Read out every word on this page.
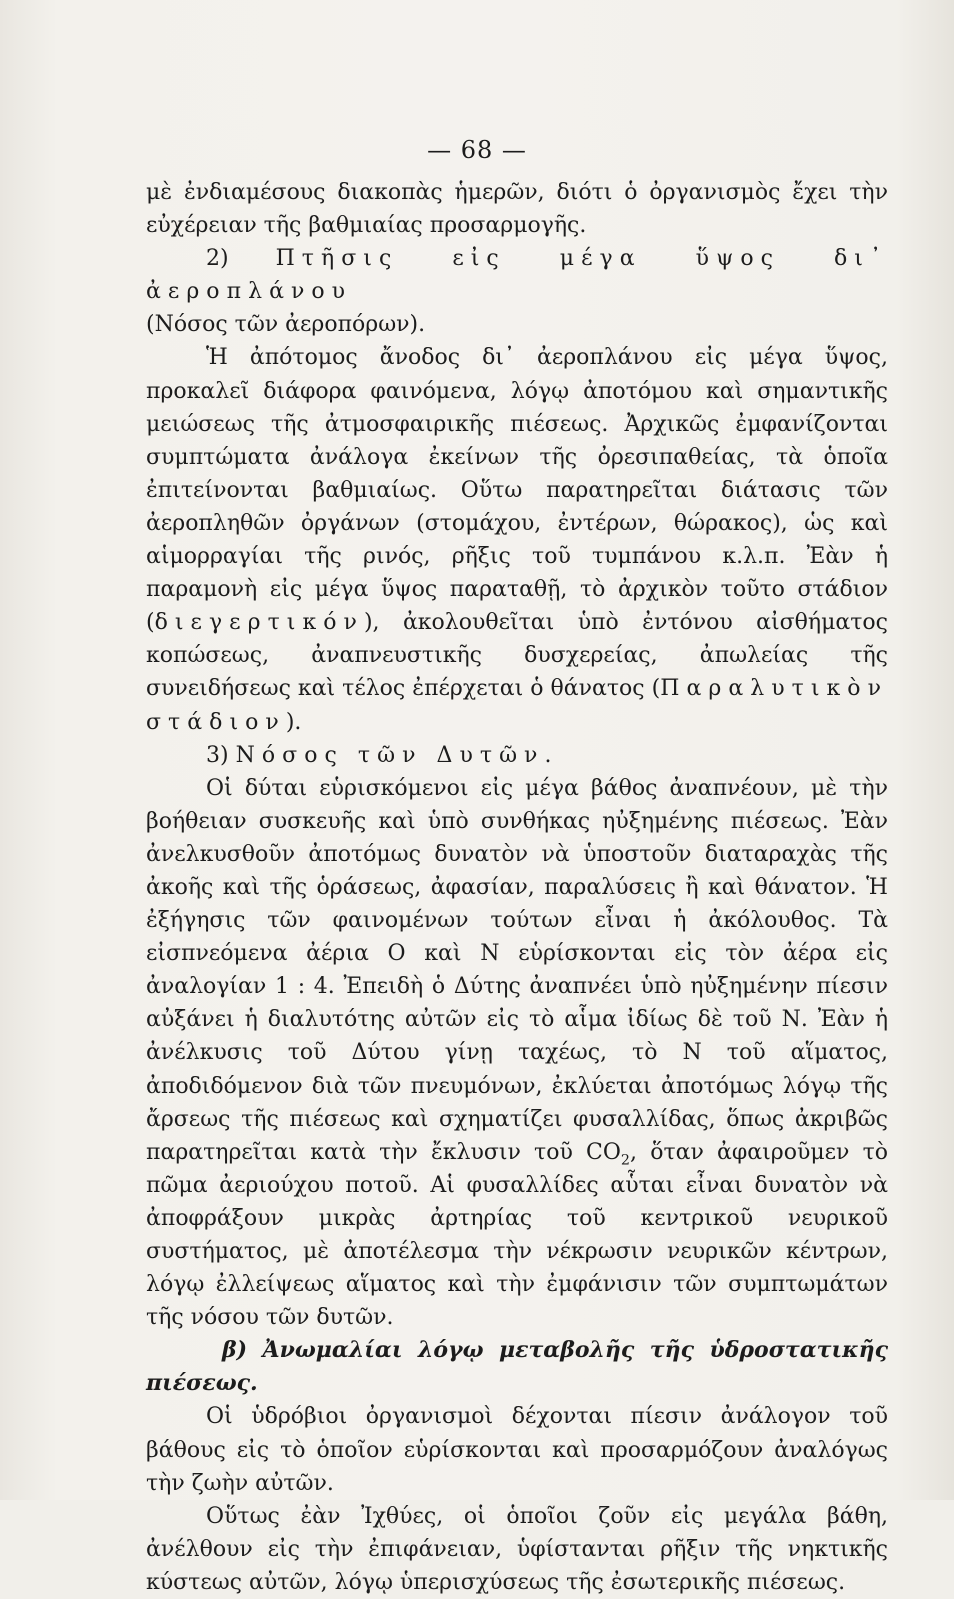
— 68 —

μὲ ἐνδιαμέσους διακοπὰς ἡμερῶν, διότι ὁ ὀργανισμὸς ἔχει τὴν εὐχέρειαν τῆς βαθμιαίας προσαρμογῆς.

2) Πτῆσις εἰς μέγα ὕψος δι᾽ ἀεροπλάνου

(Νόσος τῶν ἀεροπόρων).

Ἡ ἀπότομος ἄνοδος δι᾽ ἀεροπλάνου εἰς μέγα ὕψος, προκαλεῖ διάφορα φαινόμενα, λόγῳ ἀποτόμου καὶ σημαντικῆς μειώσεως τῆς ἀτμοσφαιρικῆς πιέσεως. Ἀρχικῶς ἐμφανίζονται συμπτώματα ἀνάλογα ἐκείνων τῆς ὀρεσιπαθείας, τὰ ὁποῖα ἐπιτείνονται βαθμιαίως. Οὕτω παρατηρεῖται διάτασις τῶν ἀεροπληθῶν ὀργάνων (στομάχου, ἐντέρων, θώρακος), ὡς καὶ αἱμορραγίαι τῆς ρινός, ρῆξις τοῦ τυμπάνου κ.λ.π. Ἐὰν ἡ παραμονὴ εἰς μέγα ὕψος παραταθῇ, τὸ ἀρχικὸν τοῦτο στάδιον (διεγερτικόν), ἀκολουθεῖται ὑπὸ ἐντόνου αἰσθήματος κοπώσεως, ἀναπνευστικῆς δυσχερείας, ἀπωλείας τῆς συνειδήσεως καὶ τέλος ἐπέρχεται ὁ θάνατος (Παραλυτικὸν στάδιον).

3) Νόσος τῶν Δυτῶν.

Οἱ δύται εὑρισκόμενοι εἰς μέγα βάθος ἀναπνέουν, μὲ τὴν βοήθειαν συσκευῆς καὶ ὑπὸ συνθήκας ηὐξημένης πιέσεως. Ἐὰν ἀνελκυσθοῦν ἀποτόμως δυνατὸν νὰ ὑποστοῦν διαταραχὰς τῆς ἀκοῆς καὶ τῆς ὁράσεως, ἀφασίαν, παραλύσεις ἢ καὶ θάνατον. Ἡ ἐξήγησις τῶν φαινομένων τούτων εἶναι ἡ ἀκόλουθος. Τὰ εἰσπνεόμενα ἀέρια Ο καὶ Ν εὑρίσκονται εἰς τὸν ἀέρα εἰς ἀναλογίαν 1 : 4. Ἐπειδὴ ὁ Δύτης ἀναπνέει ὑπὸ ηὐξημένην πίεσιν αὐξάνει ἡ διαλυτότης αὐτῶν εἰς τὸ αἷμα ἰδίως δὲ τοῦ Ν. Ἐὰν ἡ ἀνέλκυσις τοῦ Δύτου γίνῃ ταχέως, τὸ Ν τοῦ αἵματος, ἀποδιδόμενον διὰ τῶν πνευμόνων, ἐκλύεται ἀποτόμως λόγῳ τῆς ἄρσεως τῆς πιέσεως καὶ σχηματίζει φυσαλλίδας, ὅπως ἀκριβῶς παρατηρεῖται κατὰ τὴν ἔκλυσιν τοῦ $CO_2$, ὅταν ἀφαιροῦμεν τὸ πῶμα ἀεριούχου ποτοῦ. Αἱ φυσαλλίδες αὗται εἶναι δυνατὸν νὰ ἀποφράξουν μικρὰς ἀρτηρίας τοῦ κεντρικοῦ νευρικοῦ συστήματος, μὲ ἀποτέλεσμα τὴν νέκρωσιν νευρικῶν κέντρων, λόγῳ ἐλλείψεως αἵματος καὶ τὴν ἐμφάνισιν τῶν συμπτωμάτων τῆς νόσου τῶν δυτῶν.

β) Ἀνωμαλίαι λόγῳ μεταβολῆς τῆς ὑδροστατικῆς πιέσεως.

Οἱ ὑδρόβιοι ὀργανισμοὶ δέχονται πίεσιν ἀνάλογον τοῦ βάθους εἰς τὸ ὁποῖον εὑρίσκονται καὶ προσαρμόζουν ἀναλόγως τὴν ζωὴν αὐτῶν.

Οὕτως ἐὰν Ἰχθύες, οἱ ὁποῖοι ζοῦν εἰς μεγάλα βάθη, ἀνέλθουν εἰς τὴν ἐπιφάνειαν, ὑφίστανται ρῆξιν τῆς νηκτικῆς κύστεως αὐτῶν, λόγῳ ὑπερισχύσεως τῆς ἐσωτερικῆς πιέσεως.
